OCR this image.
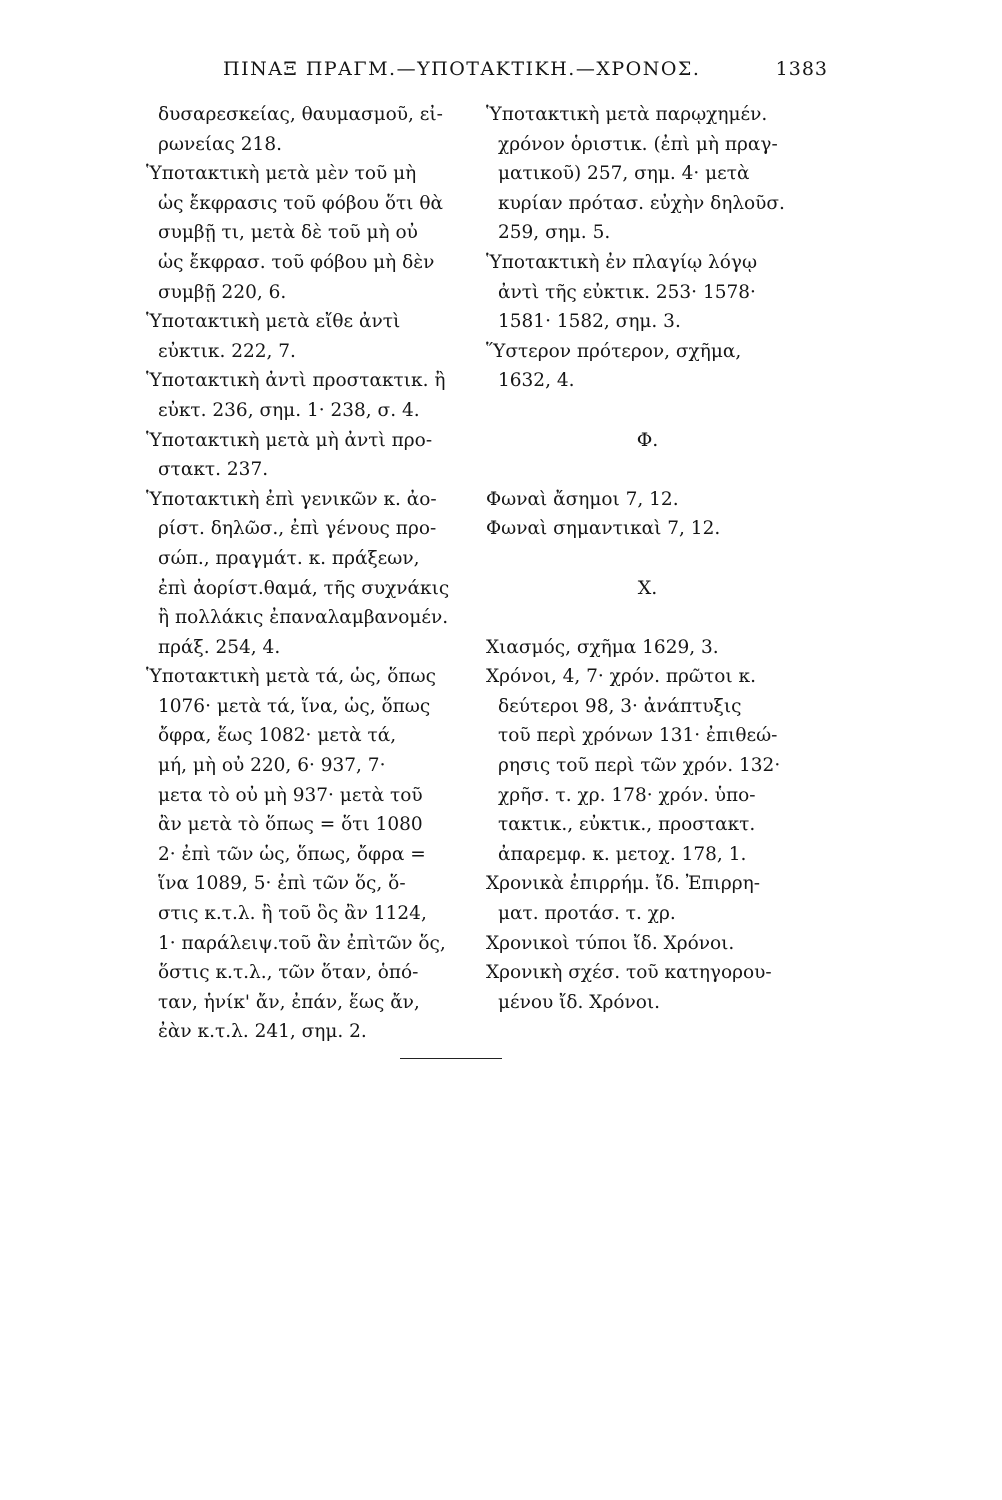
ΠΙΝΑΞ ΠΡΑΓΜ.—ΥΠΟΤΑΚΤΙΚΗ.—ΧΡΟΝΟΣ.	1383
δυσαρεσκείας, θαυμασμοῦ, εἰ-
ρωνείας 218.
Ὑποτακτικὴ μετὰ μὲν τοῦ μὴ
ὡς ἔκφρασις τοῦ φόβου ὅτι θὰ
συμβῇ τι, μετὰ δὲ τοῦ μὴ οὐ
ὡς ἔκφρασ. τοῦ φόβου μὴ δὲν
συμβῇ 220, 6.
Ὑποτακτικὴ μετὰ εἴθε ἀντὶ
εὐκτικ. 222, 7.
Ὑποτακτικὴ ἀντὶ προστακτικ. ἢ
εὐκτ. 236, σημ. 1· 238, σ. 4.
Ὑποτακτικὴ μετὰ μὴ ἀντὶ προ-
στακτ. 237.
Ὑποτακτικὴ ἐπὶ γενικῶν κ. ἀο-
ρίστ. δηλῶσ., ἐπὶ γένους προ-
σώπ., πραγμάτ. κ. πράξεων,
ἐπὶ ἀορίστ.θαμά, τῆς συχνάκις
ἢ πολλάκις ἐπαναλαμβανομέν.
πράξ. 254, 4.
Ὑποτακτικὴ μετὰ τά, ὡς, ὅπως
1076· μετὰ τά, ἵνα, ὡς, ὅπως
ὄφρα, ἕως 1082· μετὰ τά,
μή, μὴ οὐ 220, 6· 937, 7·
μετα τὸ οὐ μὴ 937· μετὰ τοῦ
ἂν μετὰ τὸ ὅπως = ὅτι 1080
2· ἐπὶ τῶν ὡς, ὅπως, ὄφρα =
ἵνα 1089, 5· ἐπὶ τῶν ὅς, ὅ-
στις κ.τ.λ. ἢ τοῦ ὃς ἂν 1124,
1· παράλειψ.τοῦ ἂν ἐπὶτῶν ὅς,
ὅστις κ.τ.λ., τῶν ὅταν, ὁπό-
ταν, ἡνίκ' ἄν, ἐπάν, ἕως ἄν,
ἐὰν κ.τ.λ. 241, σημ. 2.
Ὑποτακτικὴ μετὰ παρῳχημέν.
χρόνον ὁριστικ. (ἐπὶ μὴ πραγ-
ματικοῦ) 257, σημ. 4· μετὰ
κυρίαν πρότασ. εὐχὴν δηλοῦσ.
259, σημ. 5.
Ὑποτακτικὴ ἐν πλαγίῳ λόγῳ
ἀντὶ τῆς εὐκτικ. 253· 1578·
1581· 1582, σημ. 3.
Ὕστερον πρότερον, σχῆμα,
1632, 4.
Φ.
Φωναὶ ἄσημοι 7, 12.
Φωναὶ σημαντικαὶ 7, 12.
Χ.
Χιασμός, σχῆμα 1629, 3.
Χρόνοι, 4, 7· χρόν. πρῶτοι κ.
δεύτεροι 98, 3· ἀνάπτυξις
τοῦ περὶ χρόνων 131· ἐπιθεώ-
ρησις τοῦ περὶ τῶν χρόν. 132·
χρῆσ. τ. χρ. 178· χρόν. ὑπο-
τακτικ., εὐκτικ., προστακτ.
ἀπαρεμφ. κ. μετοχ. 178, 1.
Χρονικὰ ἐπιρρήμ. ἴδ. Ἐπιρρη-
ματ. προτάσ. τ. χρ.
Χρονικοὶ τύποι ἴδ. Χρόνοι.
Χρονικὴ σχέσ. τοῦ κατηγορου-
μένου ἴδ. Χρόνοι.
